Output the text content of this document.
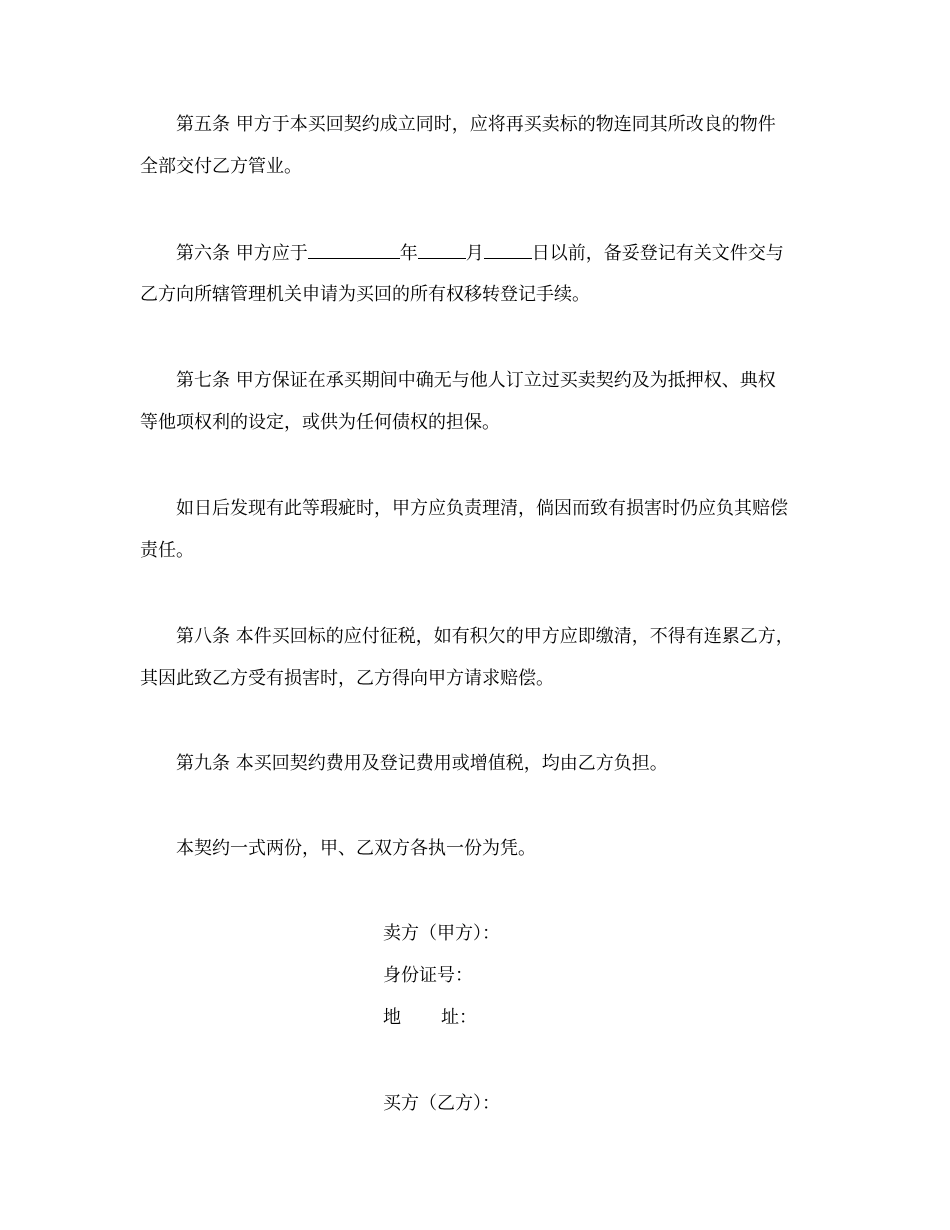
第五条 甲方于本买回契约成立同时，应将再买卖标的物连同其所改良的物件
全部交付乙方管业。
第六条 甲方应于	年	月	日以前，备妥登记有关文件交与
乙方向所辖管理机关申请为买回的所有权移转登记手续。
第七条 甲方保证在承买期间中确无与他人订立过买卖契约及为抵押权、典权
等他项权利的设定，或供为任何债权的担保。
如日后发现有此等瑕疵时，甲方应负责理清，倘因而致有损害时仍应负其赔偿
责任。
第八条 本件买回标的应付征税，如有积欠的甲方应即缴清，不得有连累乙方，
其因此致乙方受有损害时，乙方得向甲方请求赔偿。
第九条 本买回契约费用及登记费用或增值税，均由乙方负担。
本契约一式两份，甲、乙双方各执一份为凭。
卖方（甲方）：
身份证号：
地 址：
买方（乙方）：
